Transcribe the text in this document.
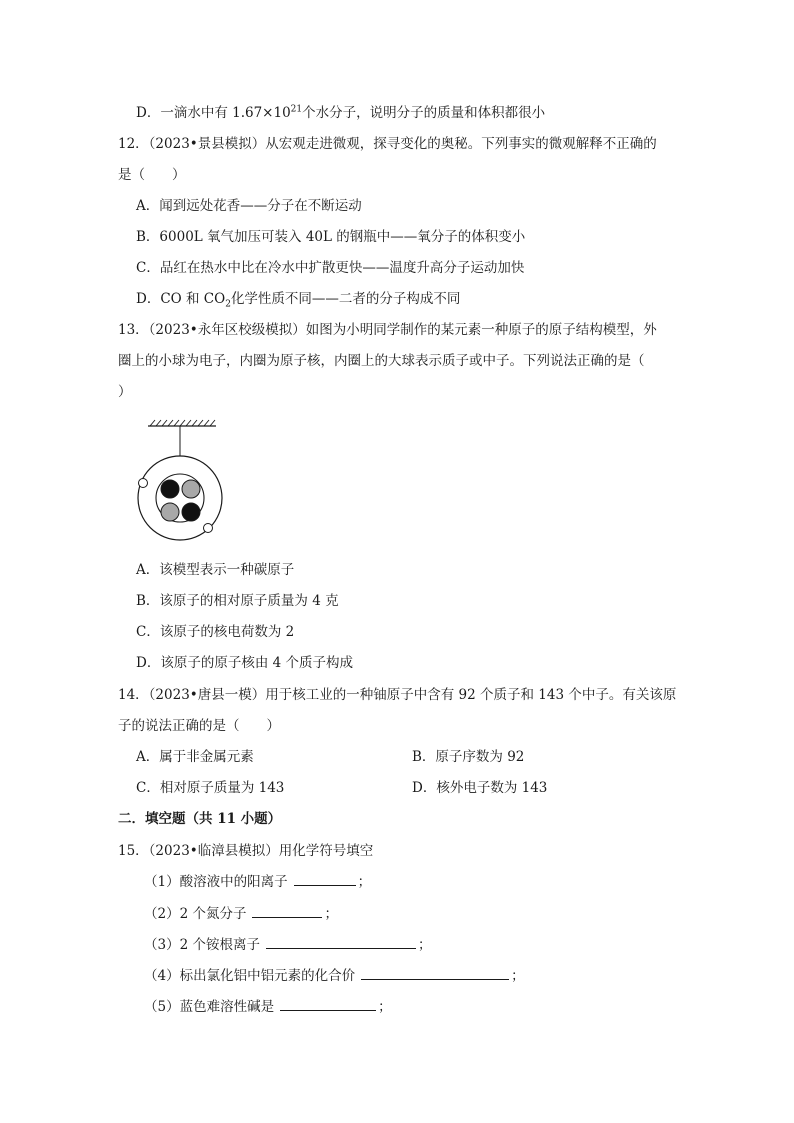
D．一滴水中有 $1.67\times 10^{21}$个水分子，说明分子的质量和体积都很小
12．（2023•景县模拟）从宏观走进微观，探寻变化的奥秘。下列事实的微观解释不正确的
是（　　）
A．闻到远处花香——分子在不断运动
B．6000L 氧气加压可装入 40L 的钢瓶中——氧分子的体积变小
C．品红在热水中比在冷水中扩散更快——温度升高分子运动加快
D．CO 和 $CO_2$化学性质不同——二者的分子构成不同
13．（2023•永年区校级模拟）如图为小明同学制作的某元素一种原子的原子结构模型，外
圈上的小球为电子，内圈为原子核，内圈上的大球表示质子或中子。下列说法正确的是（
）
A．该模型表示一种碳原子
B．该原子的相对原子质量为 4 克
C．该原子的核电荷数为 2
D．该原子的原子核由 4 个质子构成
14．（2023•唐县一模）用于核工业的一种铀原子中含有 92 个质子和 143 个中子。有关该原
子的说法正确的是（　　）
A．属于非金属元素	B．原子序数为 92
C．相对原子质量为 143	D．核外电子数为 143
二．填空题（共 11 小题）
15．（2023•临漳县模拟）用化学符号填空
（1）酸溶液中的阳离子	；
（2）2 个氮分子	；
（3）2 个铵根离子	；
（4）标出氯化铝中铝元素的化合价	；
（5）蓝色难溶性碱是	；
